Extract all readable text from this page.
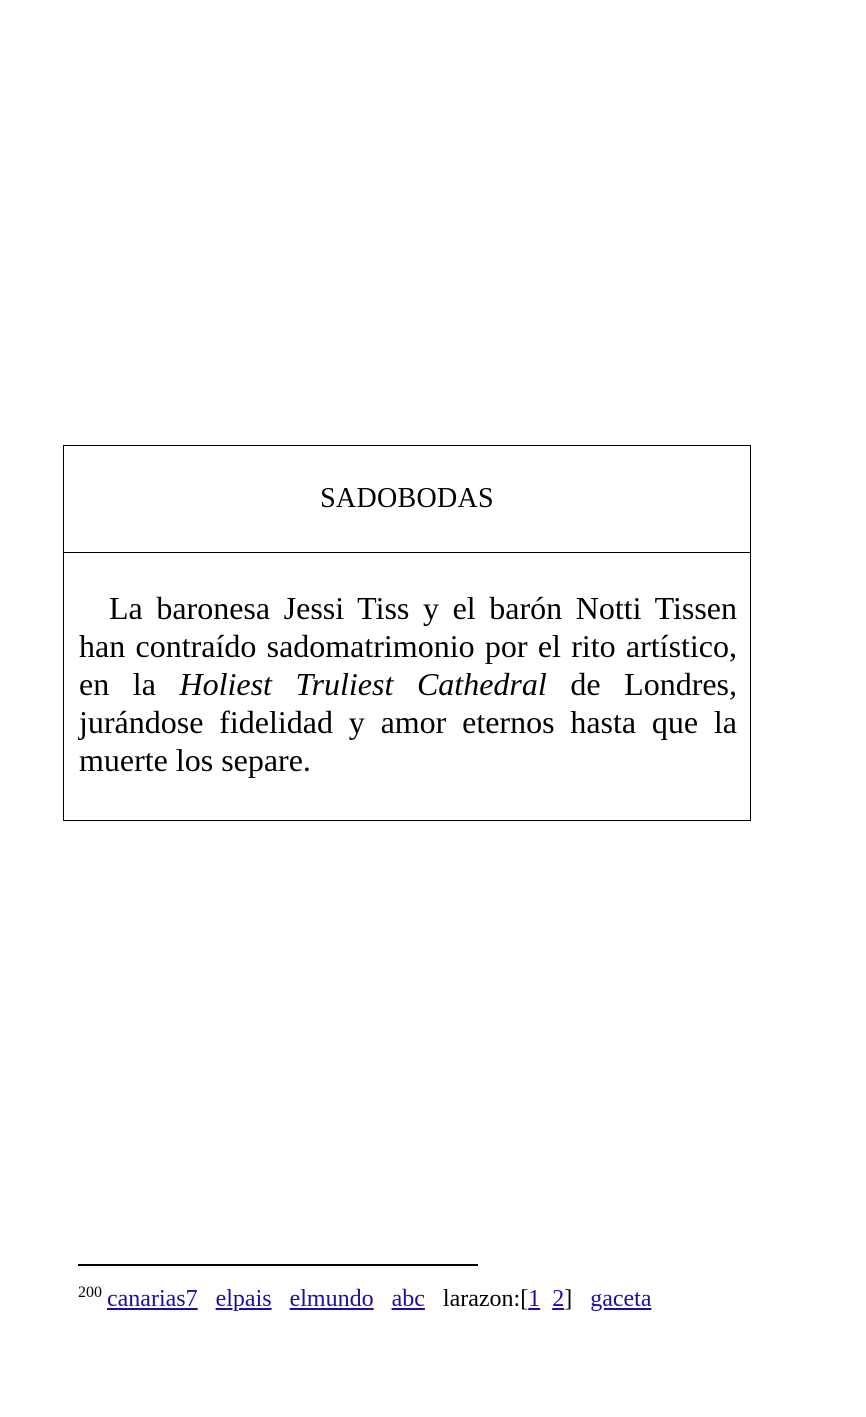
SADOBODAS

La baronesa Jessi Tiss y el barón Notti Tissen han contraído sadomatrimonio por el rito artístico, en la Holiest Truliest Cathedral de Londres, jurándose fidelidad y amor eternos hasta que la muerte los separe.

$^{200}$ canarias7 elpais elmundo abc larazon:[1 2] gaceta
